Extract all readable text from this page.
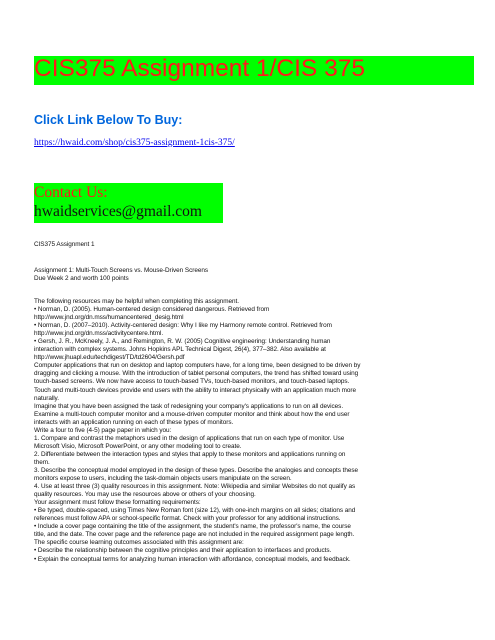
CIS375 Assignment 1/CIS 375
Click Link Below To Buy:
https://hwaid.com/shop/cis375-assignment-1cis-375/
Contact Us:
hwaidservices@gmail.com
CIS375 Assignment 1
Assignment 1: Multi-Touch Screens vs. Mouse-Driven Screens
Due Week 2 and worth 100 points
The following resources may be helpful when completing this assignment.
• Norman, D. (2005). Human-centered design considered dangerous. Retrieved from
http://www.jnd.org/dn.mss/humancentered_desig.html
• Norman, D. (2007–2010). Activity-centered design: Why I like my Harmony remote control. Retrieved from
http://www.jnd.org/dn.mss/activitycentere.html.
• Gersh, J. R., McKneely, J. A., and Remington, R. W. (2005) Cognitive engineering: Understanding human
interaction with complex systems. Johns Hopkins APL Technical Digest, 26(4), 377–382. Also available at
http://www.jhuapl.edu/techdigest/TD/td2604/Gersh.pdf
Computer applications that run on desktop and laptop computers have, for a long time, been designed to be driven by
dragging and clicking a mouse. With the introduction of tablet personal computers, the trend has shifted toward using
touch-based screens. We now have access to touch-based TVs, touch-based monitors, and touch-based laptops.
Touch and multi-touch devices provide end users with the ability to interact physically with an application much more
naturally.
Imagine that you have been assigned the task of redesigning your company's applications to run on all devices.
Examine a multi-touch computer monitor and a mouse-driven computer monitor and think about how the end user
interacts with an application running on each of these types of monitors.
Write a four to five (4-5) page paper in which you:
1. Compare and contrast the metaphors used in the design of applications that run on each type of monitor. Use
Microsoft Visio, Microsoft PowerPoint, or any other modeling tool to create.
2. Differentiate between the interaction types and styles that apply to these monitors and applications running on
them.
3. Describe the conceptual model employed in the design of these types. Describe the analogies and concepts these
monitors expose to users, including the task-domain objects users manipulate on the screen.
4. Use at least three (3) quality resources in this assignment. Note: Wikipedia and similar Websites do not qualify as
quality resources. You may use the resources above or others of your choosing.
Your assignment must follow these formatting requirements:
• Be typed, double-spaced, using Times New Roman font (size 12), with one-inch margins on all sides; citations and
references must follow APA or school-specific format. Check with your professor for any additional instructions.
• Include a cover page containing the title of the assignment, the student's name, the professor's name, the course
title, and the date. The cover page and the reference page are not included in the required assignment page length.
The specific course learning outcomes associated with this assignment are:
• Describe the relationship between the cognitive principles and their application to interfaces and products.
• Explain the conceptual terms for analyzing human interaction with affordance, conceptual models, and feedback.
